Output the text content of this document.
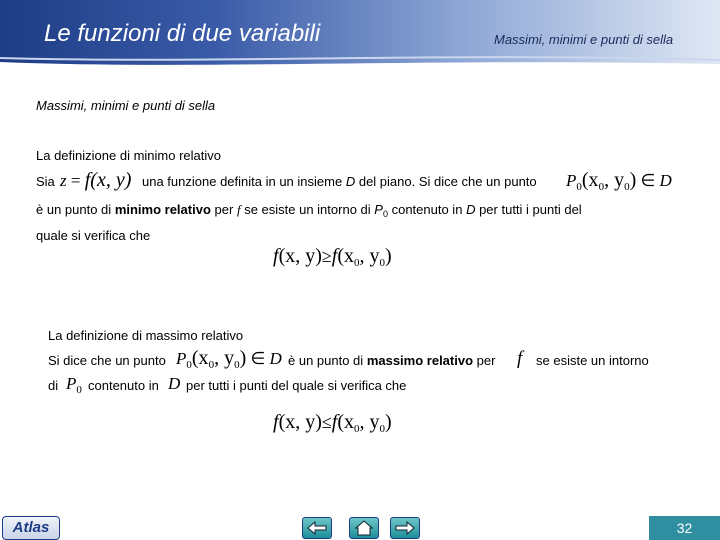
Le funzioni di due variabili	Massimi, minimi e punti di sella
Massimi, minimi e punti di sella
La definizione di minimo relativo
Sia z = f(x, y) una funzione definita in un insieme D del piano. Si dice che un punto $P_0(x_0$, $y_0$) ∈ D
è un punto di minimo relativo per f se esiste un intorno di $P_0$ contenuto in D per tutti i punti del
quale si verifica che
f(x, $y)\ge f(x_0$, $y_0$)
La definizione di massimo relativo
Si dice che un punto $P_0(x_0$, $y_0$) ∈ D è un punto di massimo relativo per f se esiste un intorno
di $P_0$ contenuto in D per tutti i punti del quale si verifica che
f(x, $y)\le f(x_0$, $y_0$)
Atlas	32
